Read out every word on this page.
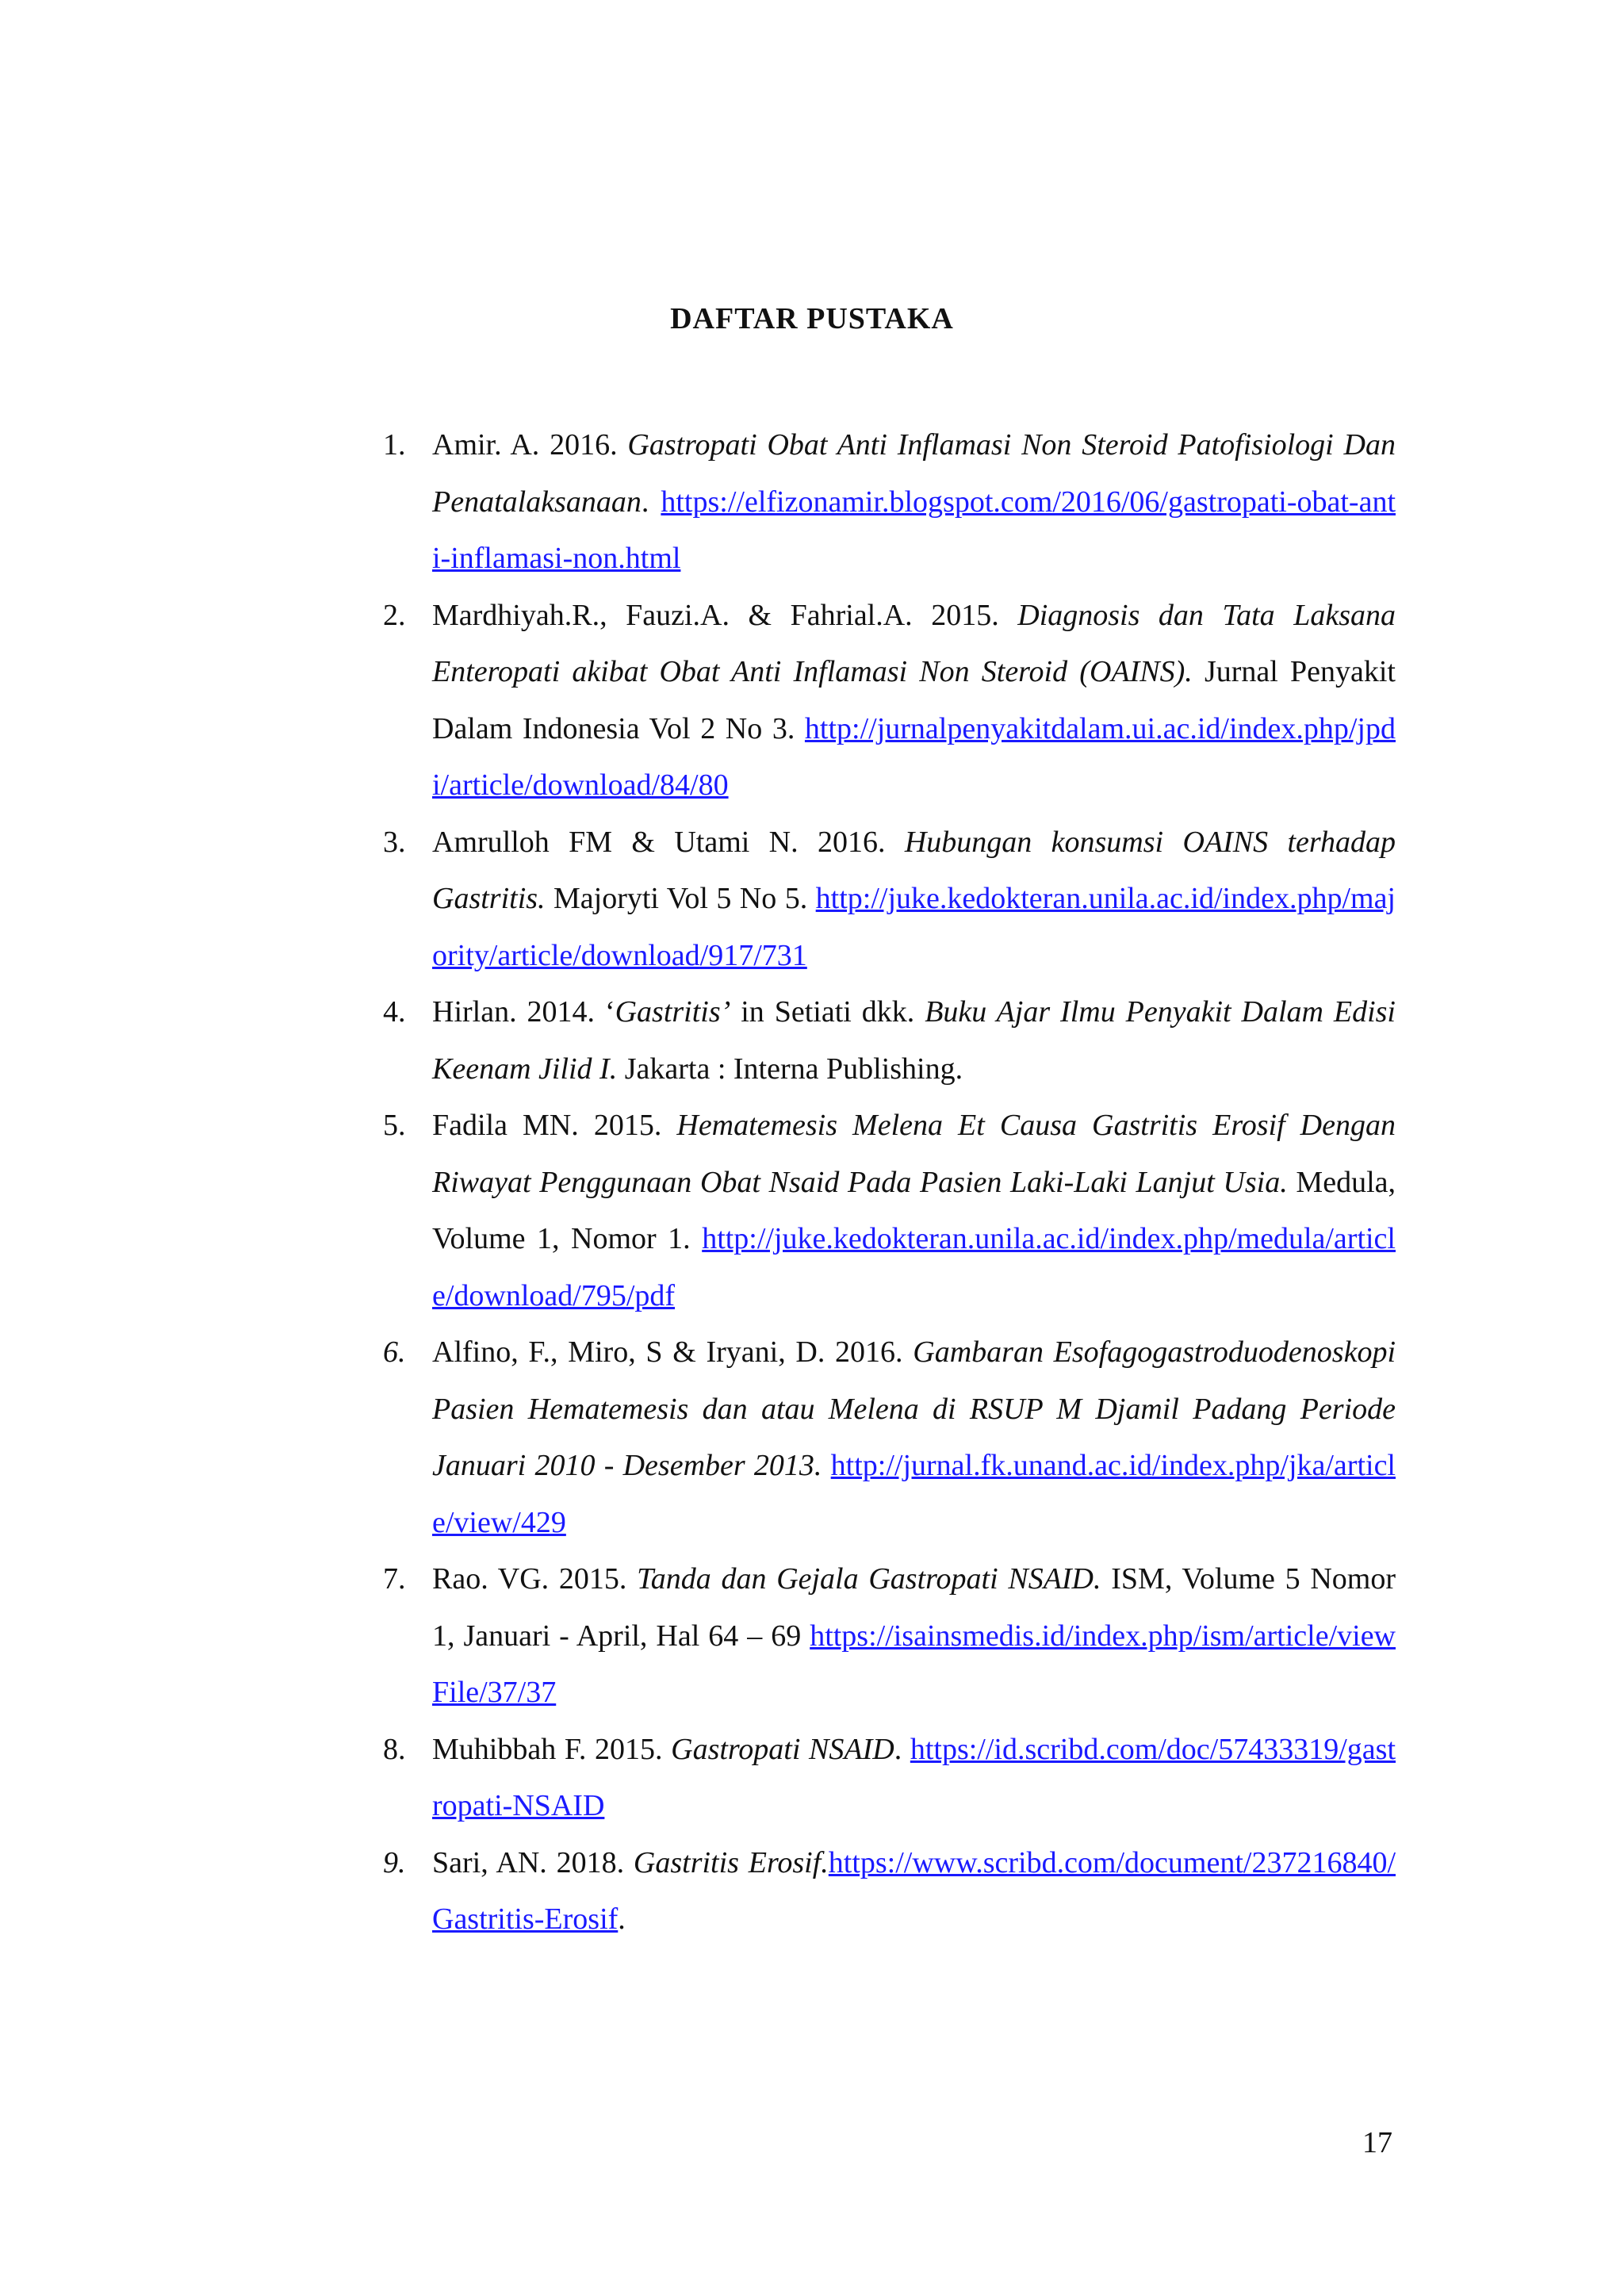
DAFTAR PUSTAKA
1. Amir. A. 2016. Gastropati Obat Anti Inflamasi Non Steroid Patofisiologi Dan Penatalaksanaan. https://elfizonamir.blogspot.com/2016/06/gastropati-obat-anti-inflamasi-non.html
2. Mardhiyah.R., Fauzi.A. & Fahrial.A. 2015. Diagnosis dan Tata Laksana Enteropati akibat Obat Anti Inflamasi Non Steroid (OAINS). Jurnal Penyakit Dalam Indonesia Vol 2 No 3. http://jurnalpenyakitdalam.ui.ac.id/index.php/jpdi/article/download/84/80
3. Amrulloh FM & Utami N. 2016. Hubungan konsumsi OAINS terhadap Gastritis. Majoryti Vol 5 No 5. http://juke.kedokteran.unila.ac.id/index.php/majority/article/download/917/731
4. Hirlan. 2014. ‘Gastritis’ in Setiati dkk. Buku Ajar Ilmu Penyakit Dalam Edisi Keenam Jilid I. Jakarta : Interna Publishing.
5. Fadila MN. 2015. Hematemesis Melena Et Causa Gastritis Erosif Dengan Riwayat Penggunaan Obat Nsaid Pada Pasien Laki-Laki Lanjut Usia. Medula, Volume 1, Nomor 1. http://juke.kedokteran.unila.ac.id/index.php/medula/article/download/795/pdf
6. Alfino, F., Miro, S & Iryani, D. 2016. Gambaran Esofagogastroduodenoskopi Pasien Hematemesis dan atau Melena di RSUP M Djamil Padang Periode Januari 2010 - Desember 2013. http://jurnal.fk.unand.ac.id/index.php/jka/article/view/429
7. Rao. VG. 2015. Tanda dan Gejala Gastropati NSAID. ISM, Volume 5 Nomor 1, Januari - April, Hal 64 – 69 https://isainsmedis.id/index.php/ism/article/viewFile/37/37
8. Muhibbah F. 2015. Gastropati NSAID. https://id.scribd.com/doc/57433319/gastropati-NSAID
9. Sari, AN. 2018. Gastritis Erosif.https://www.scribd.com/document/237216840/Gastritis-Erosif.
17
